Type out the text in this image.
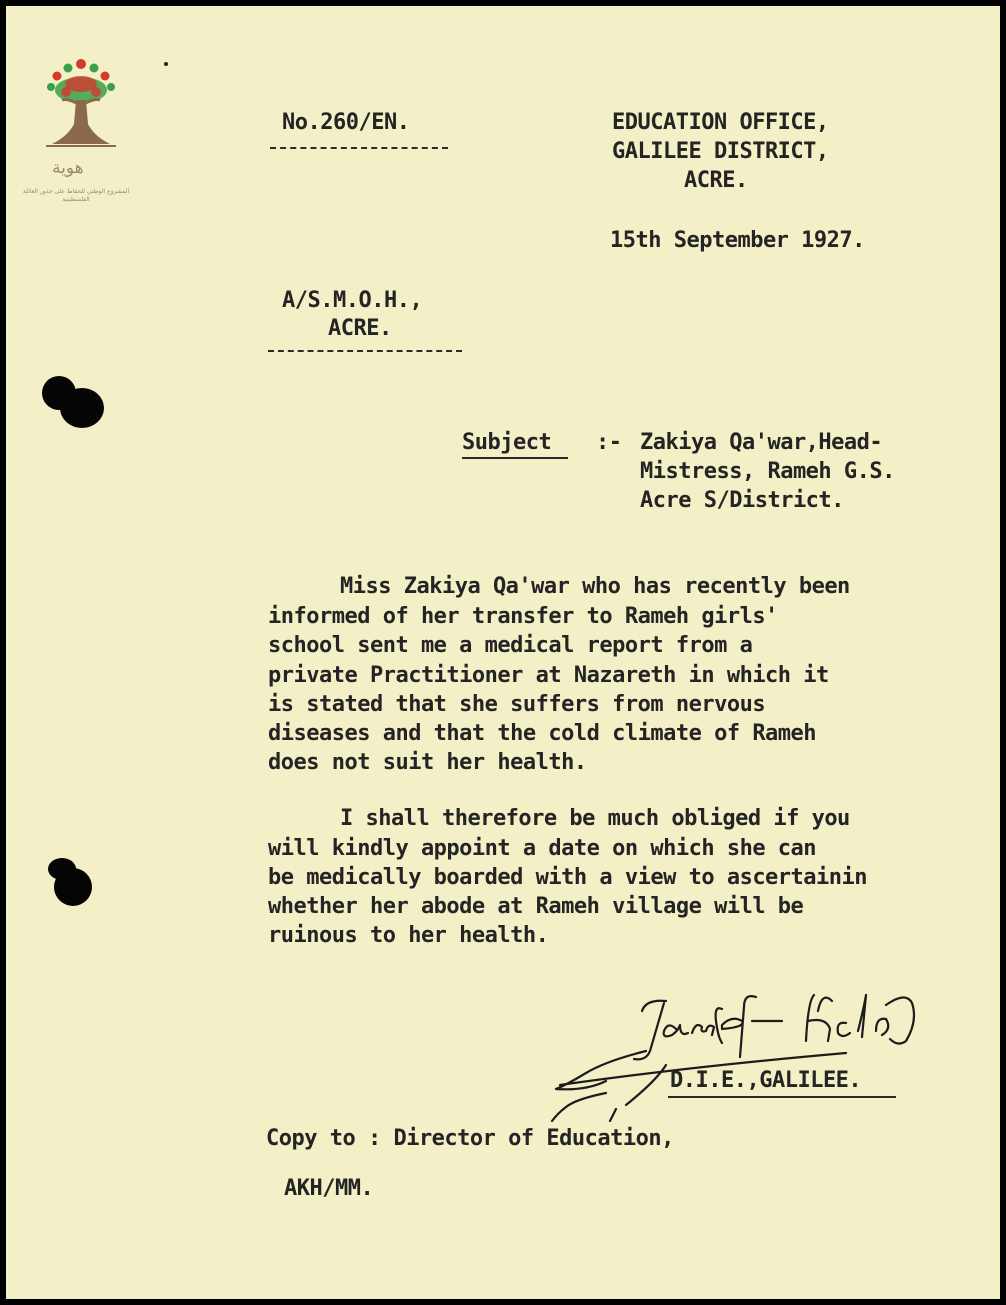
هوية
المشروع الوطني للحفاظ على جذور العائلة الفلسطينية
No.260/EN.	EDUCATION OFFICE,
GALILEE DISTRICT,
ACRE.
15th September 1927.
A/S.M.O.H.,
ACRE.
Subject :- Zakiya Qa'war,Head-
Mistress, Rameh G.S.
Acre S/District.
Miss Zakiya Qa'war who has recently been
informed of her transfer to Rameh girls'
school sent me a medical report from a
private Practitioner at Nazareth in which it
is stated that she suffers from nervous
diseases and that the cold climate of Rameh
does not suit her health.
I shall therefore be much obliged if you
will kindly appoint a date on which she can
be medically boarded with a view to ascertainin
whether her abode at Rameh village will be
ruinous to her health.
D.I.E.,GALILEE.
Copy to : Director of Education,
AKH/MM.
